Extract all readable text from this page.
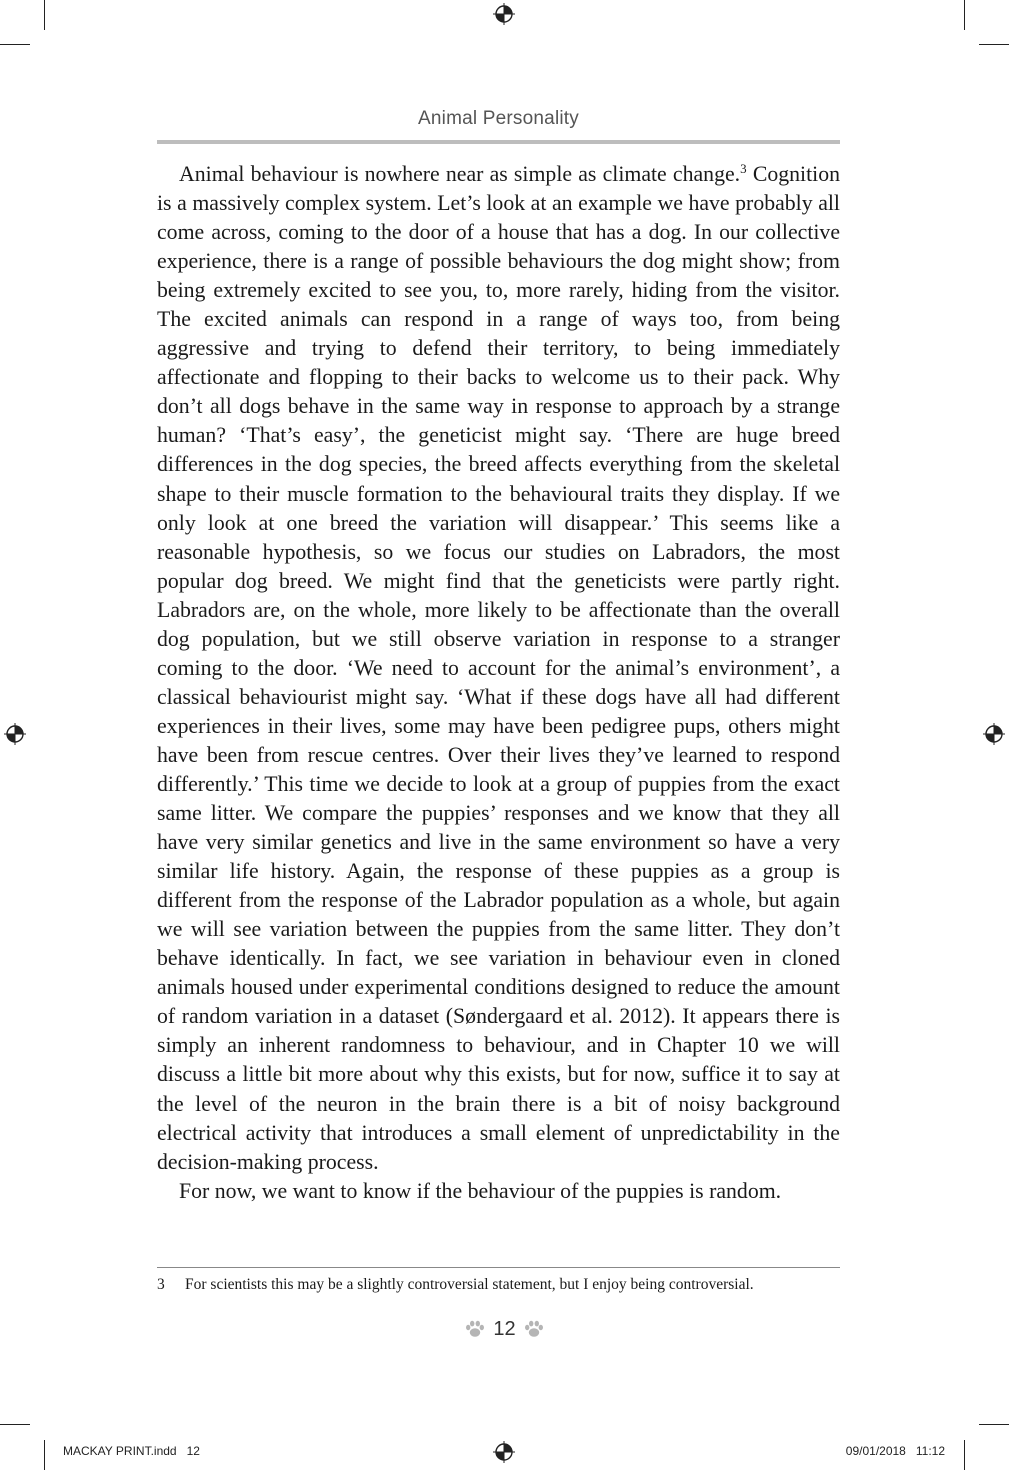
Animal Personality

Animal behaviour is nowhere near as simple as climate change.$^3$ Cognition is a massively complex system. Let’s look at an example we have probably all come across, coming to the door of a house that has a dog. In our collective experience, there is a range of possible behaviours the dog might show; from being extremely excited to see you, to, more rarely, hiding from the visitor. The excited animals can respond in a range of ways too, from being aggressive and trying to defend their territory, to being immediately affectionate and flopping to their backs to welcome us to their pack. Why don’t all dogs behave in the same way in response to approach by a strange human? ‘That’s easy’, the geneticist might say. ‘There are huge breed differences in the dog species, the breed affects everything from the skeletal shape to their muscle formation to the behavioural traits they display. If we only look at one breed the variation will disappear.’ This seems like a reasonable hypothesis, so we focus our studies on Labradors, the most popular dog breed. We might find that the geneticists were partly right. Labradors are, on the whole, more likely to be affectionate than the overall dog population, but we still observe variation in response to a stranger coming to the door. ‘We need to account for the animal’s environment’, a classical behaviourist might say. ‘What if these dogs have all had different experiences in their lives, some may have been pedigree pups, others might have been from rescue centres. Over their lives they’ve learned to respond differently.’ This time we decide to look at a group of puppies from the exact same litter. We compare the puppies’ responses and we know that they all have very similar genetics and live in the same environment so have a very similar life history. Again, the response of these puppies as a group is different from the response of the Labrador population as a whole, but again we will see variation between the puppies from the same litter. They don’t behave identically. In fact, we see variation in behaviour even in cloned animals housed under experimental conditions designed to reduce the amount of random variation in a dataset (Søndergaard et al. 2012). It appears there is simply an inherent randomness to behaviour, and in Chapter 10 we will discuss a little bit more about why this exists, but for now, suffice it to say at the level of the neuron in the brain there is a bit of noisy background electrical activity that introduces a small element of unpredictability in the decision-making process.

For now, we want to know if the behaviour of the puppies is random.

3 For scientists this may be a slightly controversial statement, but I enjoy being controversial.
12
MACKAY PRINT.indd   12	09/01/2018   11:12
